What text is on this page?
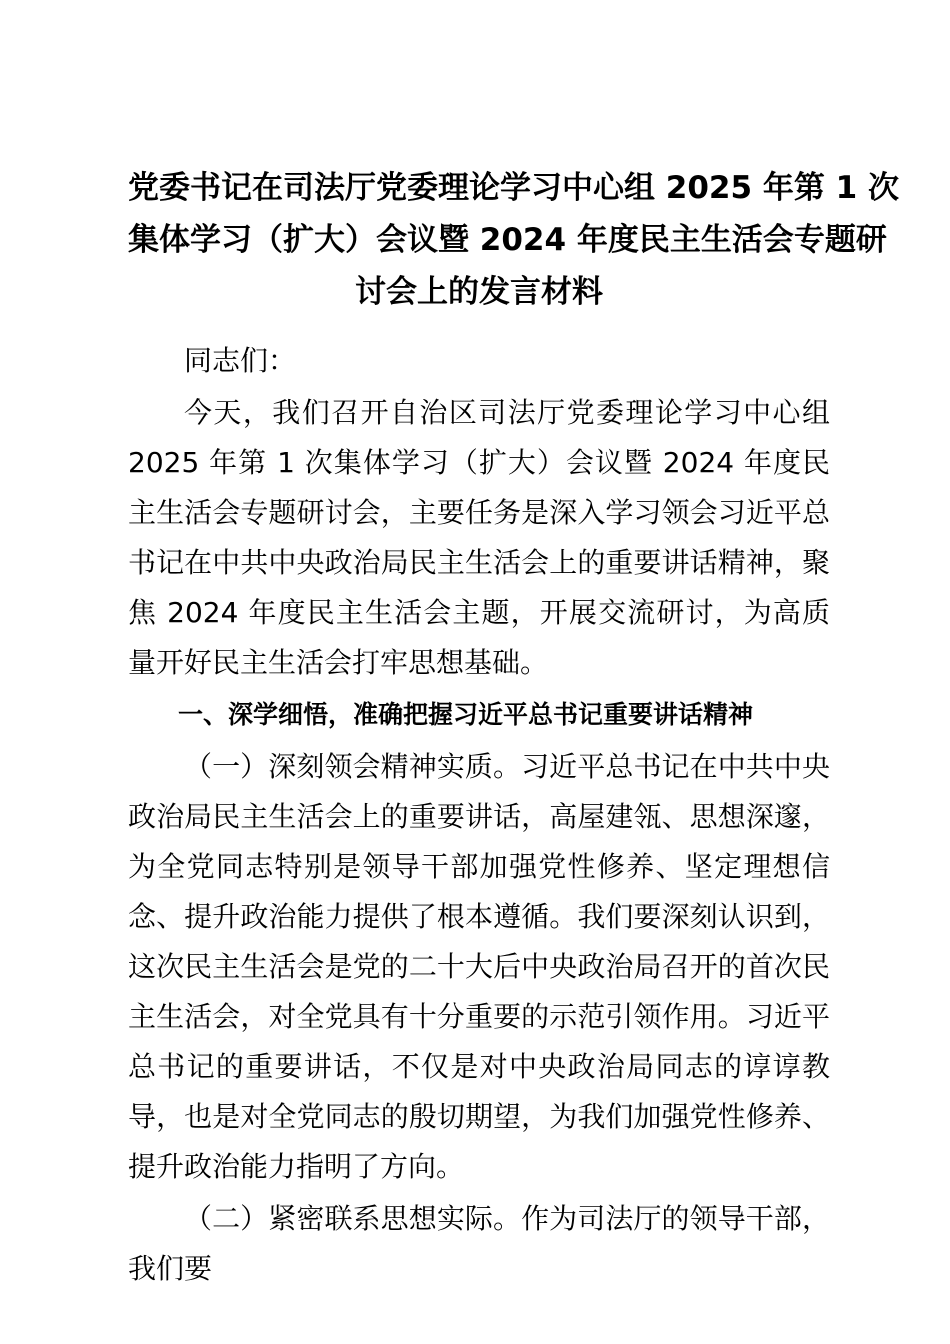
党委书记在司法厅党委理论学习中心组 2025 年第 1 次
集体学习（扩大）会议暨 2024 年度民主生活会专题研
讨会上的发言材料

同志们：

今天，我们召开自治区司法厅党委理论学习中心组 2025 年第 1 次集体学习（扩大）会议暨 2024 年度民主生活会专题研讨会，主要任务是深入学习领会习近平总书记在中共中央政治局民主生活会上的重要讲话精神，聚焦 2024 年度民主生活会主题，开展交流研讨，为高质量开好民主生活会打牢思想基础。

一、深学细悟，准确把握习近平总书记重要讲话精神

（一）深刻领会精神实质。习近平总书记在中共中央政治局民主生活会上的重要讲话，高屋建瓴、思想深邃，为全党同志特别是领导干部加强党性修养、坚定理想信念、提升政治能力提供了根本遵循。我们要深刻认识到，这次民主生活会是党的二十大后中央政治局召开的首次民主生活会，对全党具有十分重要的示范引领作用。习近平总书记的重要讲话，不仅是对中央政治局同志的谆谆教导，也是对全党同志的殷切期望，为我们加强党性修养、提升政治能力指明了方向。

（二）紧密联系思想实际。作为司法厅的领导干部，我们要
